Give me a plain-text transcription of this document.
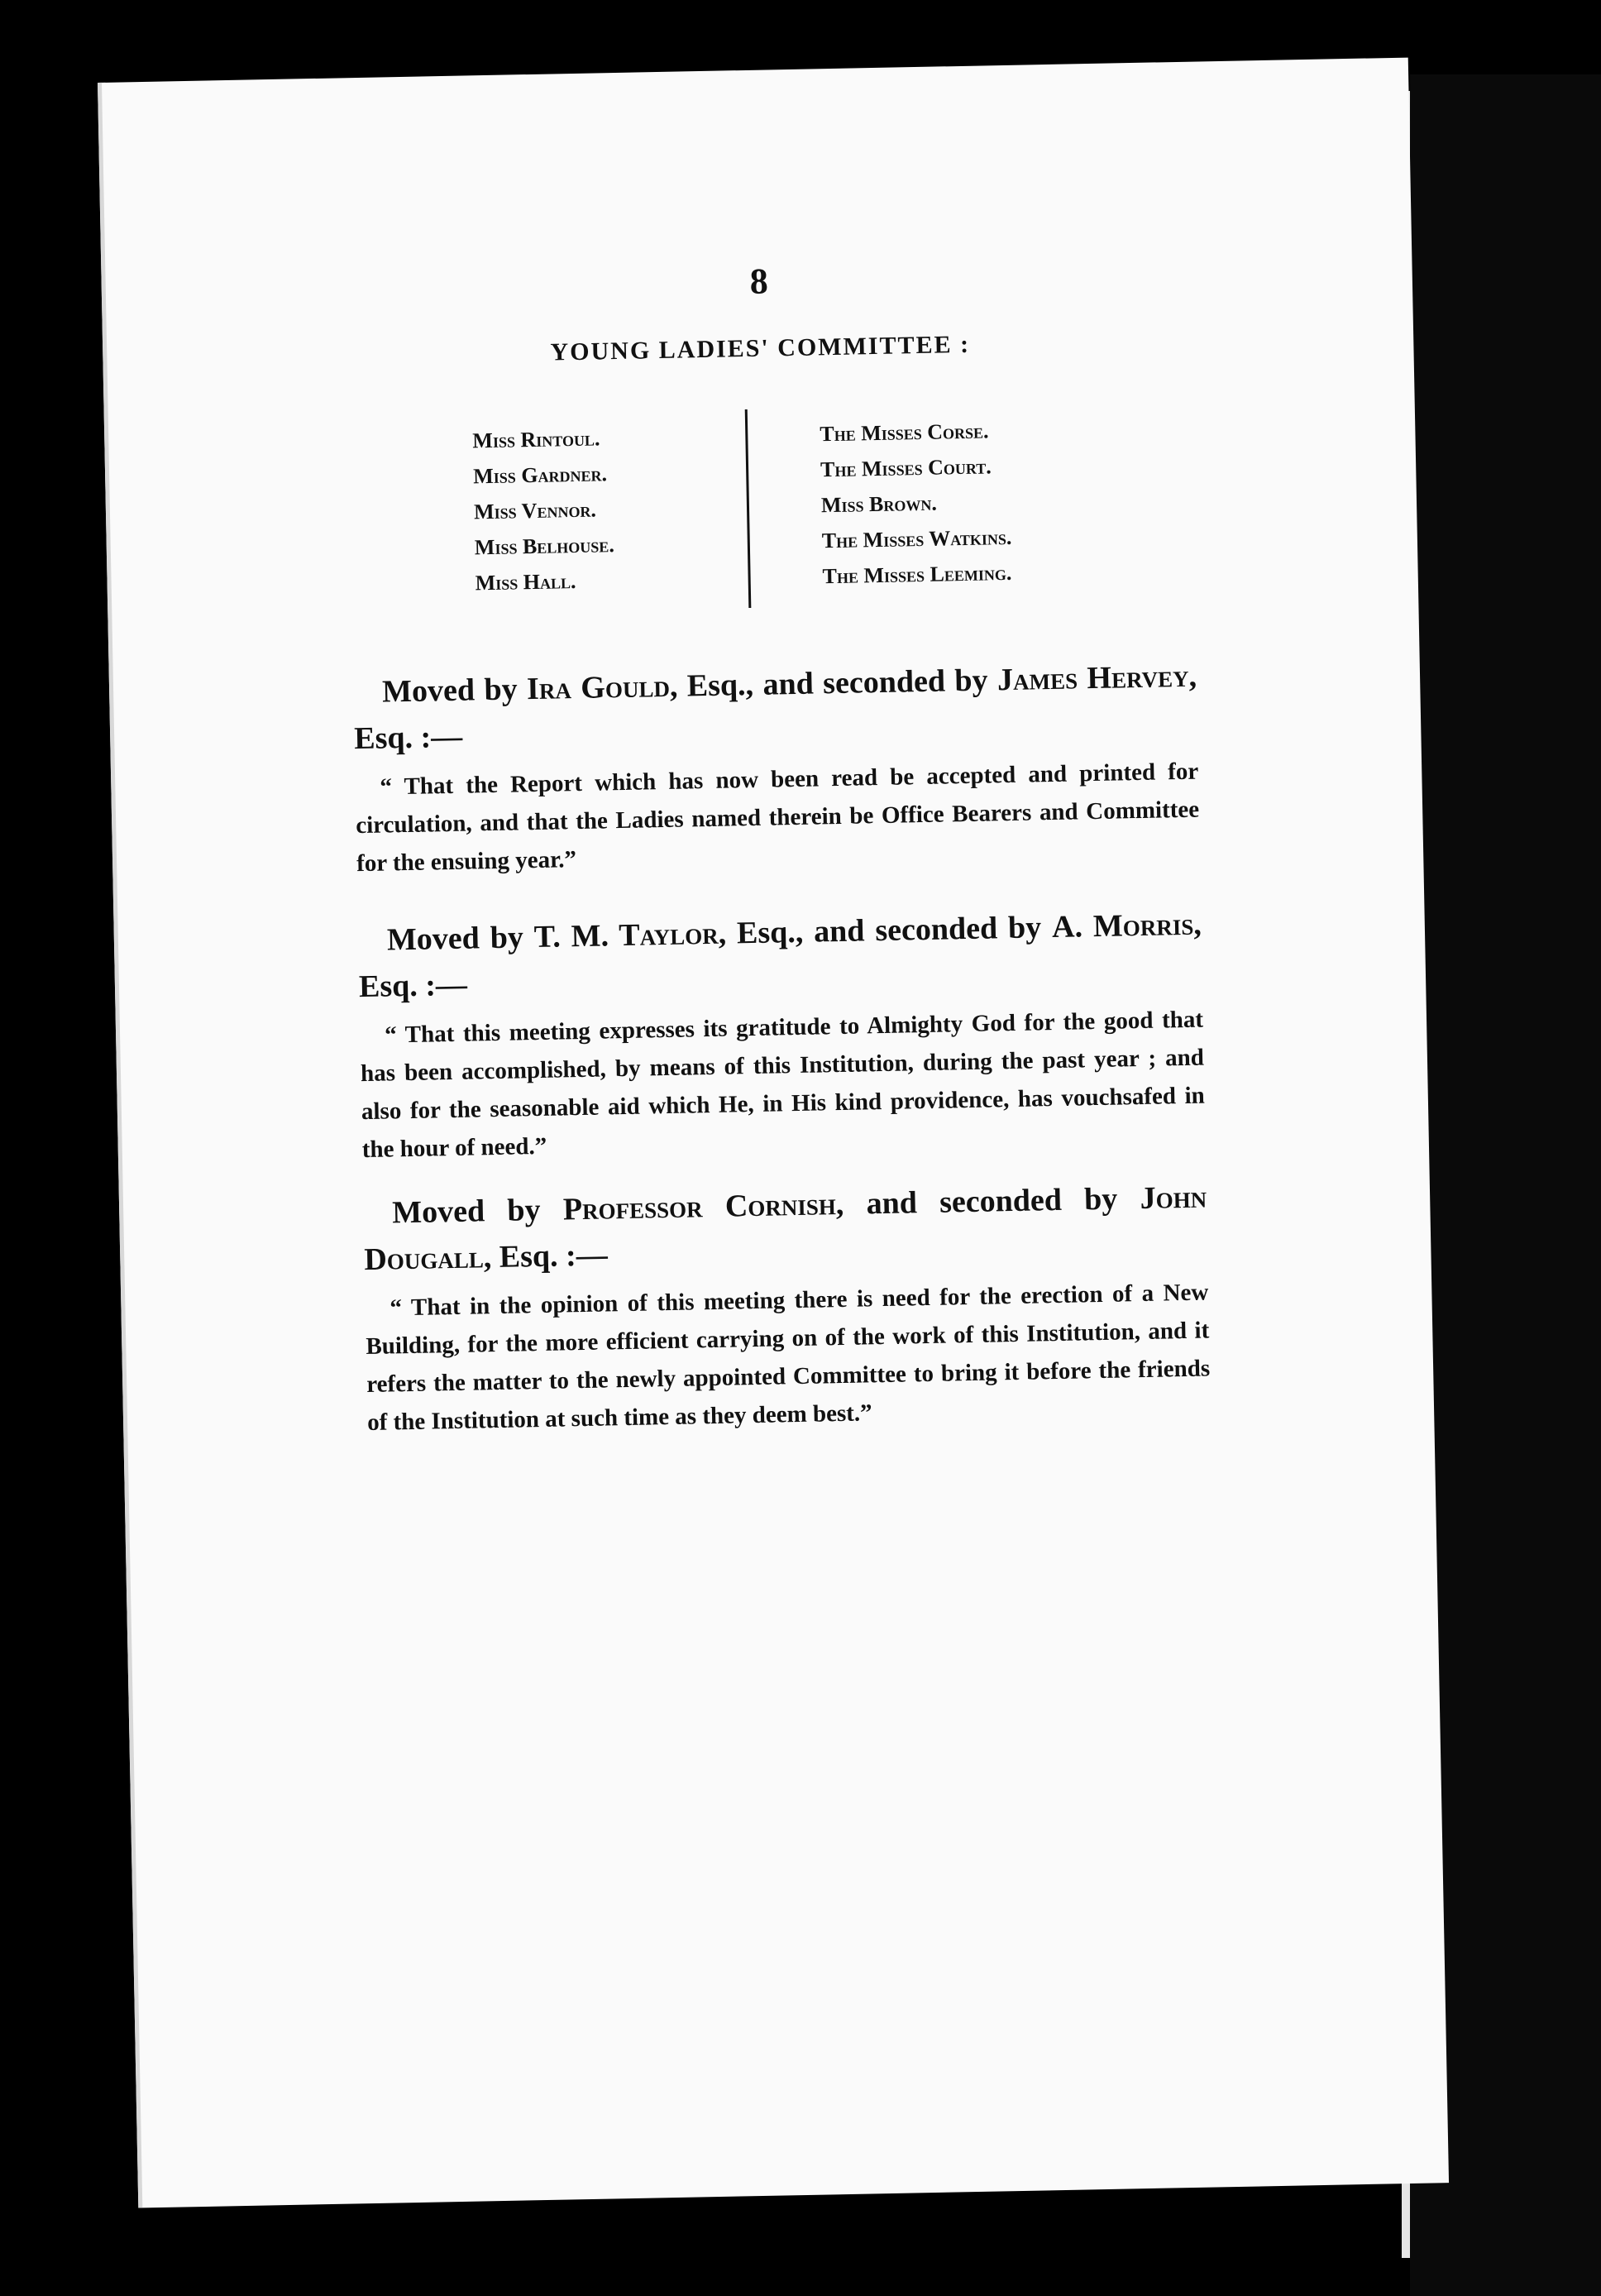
8
YOUNG LADIES' COMMITTEE :
Miss Rintoul.
Miss Gardner.
Miss Vennor.
Miss Belhouse.
Miss Hall.
The Misses Corse.
The Misses Court.
Miss Brown.
The Misses Watkins.
The Misses Leeming.
Moved by Ira Gould, Esq., and seconded by James Hervey, Esq. :—
“ That the Report which has now been read be accepted and printed for circulation, and that the Ladies named therein be Office Bearers and Committee for the ensuing year.”
Moved by T. M. Taylor, Esq., and seconded by A. Morris, Esq. :—
“ That this meeting expresses its gratitude to Almighty God for the good that has been accomplished, by means of this Institution, during the past year ; and also for the seasonable aid which He, in His kind providence, has vouchsafed in the hour of need.”
Moved by Professor Cornish, and seconded by John Dougall, Esq. :—
“ That in the opinion of this meeting there is need for the erection of a New Building, for the more efficient carrying on of the work of this Institution, and it refers the matter to the newly appointed Committee to bring it before the friends of the Institution at such time as they deem best.”
